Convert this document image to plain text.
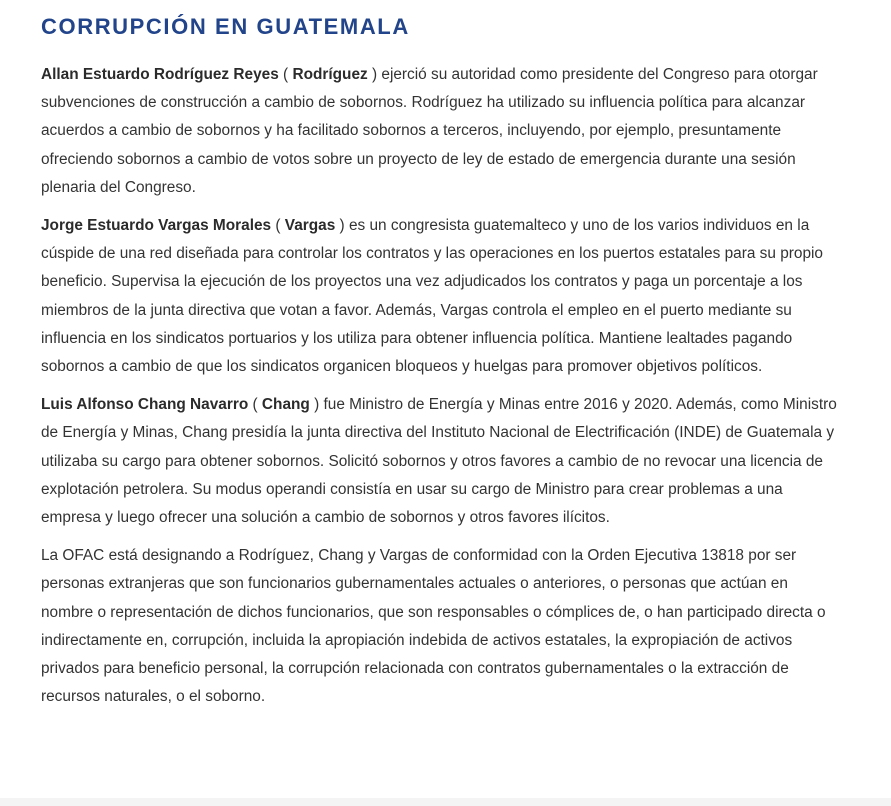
CORRUPCIÓN EN GUATEMALA

Allan Estuardo Rodríguez Reyes ( Rodríguez ) ejerció su autoridad como presidente del Congreso para otorgar subvenciones de construcción a cambio de sobornos. Rodríguez ha utilizado su influencia política para alcanzar acuerdos a cambio de sobornos y ha facilitado sobornos a terceros, incluyendo, por ejemplo, presuntamente ofreciendo sobornos a cambio de votos sobre un proyecto de ley de estado de emergencia durante una sesión plenaria del Congreso.

Jorge Estuardo Vargas Morales ( Vargas ) es un congresista guatemalteco y uno de los varios individuos en la cúspide de una red diseñada para controlar los contratos y las operaciones en los puertos estatales para su propio beneficio. Supervisa la ejecución de los proyectos una vez adjudicados los contratos y paga un porcentaje a los miembros de la junta directiva que votan a favor. Además, Vargas controla el empleo en el puerto mediante su influencia en los sindicatos portuarios y los utiliza para obtener influencia política. Mantiene lealtades pagando sobornos a cambio de que los sindicatos organicen bloqueos y huelgas para promover objetivos políticos.

Luis Alfonso Chang Navarro ( Chang ) fue Ministro de Energía y Minas entre 2016 y 2020. Además, como Ministro de Energía y Minas, Chang presidía la junta directiva del Instituto Nacional de Electrificación (INDE) de Guatemala y utilizaba su cargo para obtener sobornos. Solicitó sobornos y otros favores a cambio de no revocar una licencia de explotación petrolera. Su modus operandi consistía en usar su cargo de Ministro para crear problemas a una empresa y luego ofrecer una solución a cambio de sobornos y otros favores ilícitos.

La OFAC está designando a Rodríguez, Chang y Vargas de conformidad con la Orden Ejecutiva 13818 por ser personas extranjeras que son funcionarios gubernamentales actuales o anteriores, o personas que actúan en nombre o representación de dichos funcionarios, que son responsables o cómplices de, o han participado directa o indirectamente en, corrupción, incluida la apropiación indebida de activos estatales, la expropiación de activos privados para beneficio personal, la corrupción relacionada con contratos gubernamentales o la extracción de recursos naturales, o el soborno.
